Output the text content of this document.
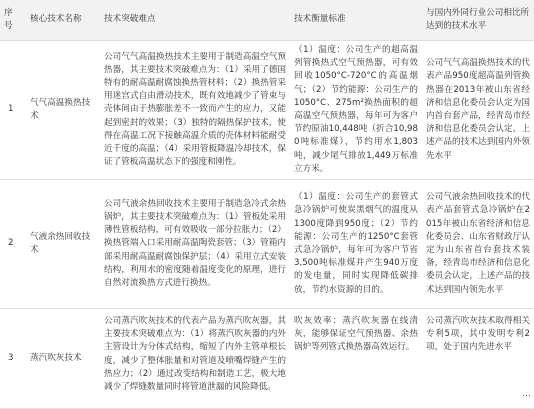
序 号	核心技术名称	技术突破难点	技术衡量标准	与国内外同行业公司相比所达到的技术水平
1	气气高温换热技术	公司气气高温换热技术主要用于制造高温空气预热器，其主要技术突破难点为：（1）采用了德国特有的耐高温耐腐蚀换热管材料；（2）换热管采用迷宫式自由滑动技术，既有效地减少了管束与壳体间由于热膨胀差不一致而产生的应力，又能起到密封的效果；（3）独特的隔热保护技术，使得在高温工况下接触高温介质的壳体材料能耐受近千度的高温；（4）采用管板降温冷却技术，保证了管板高温状态下的强度和刚性。	（1）温度：公司生产的超高温列管换热式空气预热器，可有效回收1050°C-720°C的高温烟气；（2）节约能源：公司生产的1050°C、275m²换热面积的超高温空气预热器，每年可为客户节约原油10,448吨（折合10,980吨标准煤），节约用水1,803吨，减少尾气排放1,449万标准立方米。	公司气气高温换热技术的代表产品950度超高温列管换热器在2013年被山东省经济和信息化委员会认定为国内首台套产品，经青岛市经济和信息化委员会认定，上述产品的技术达到国内外领先水平
2	气液余热回收技术	公司气液余热回收技术主要用于制造急冷式余热锅炉，其主要技术突破难点为：（1）管板处采用薄性管板结构，可有效吸收一部分拉胀力；（2）换热管端入口采用耐高温陶瓷套管；（3）管箱内部采用耐高温耐腐蚀保护层；（4）采用立式安装结构，利用水的密度随着温度变化的原理，进行自然对流换热方式进行换热。	（1）温度：公司生产的套管式急冷锅炉可使炭黑烟气的温度从1300度降到950度；（2）节约能源：公司生产的1250°C套管式急冷锅炉，每年可为客户节省3,500吨标准煤并产生940万度的发电量，同时实现降低碳排放，节约水资源的目的。	公司气液余热回收技术的代表产品套管式急冷锅炉在2015年被山东省经济和信息化委员会、山东省财政厅认定为山东省首台套技术装备，经青岛市经济和信息化委员会认定，上述产品的技术达到国内领先水平
3	蒸汽吹灰技术	公司蒸汽吹灰技术的代表产品为蒸汽吹灰器，其主要技术突破难点为：（1）将蒸汽吹灰器的内外主管设计为分体式结构，缩短了内外主管单根长度，减少了整体胀量和对管道及喷嘴焊缝产生的热应力；（2）通过改变结构和制造工艺，极大地减少了焊缝数量同时将管道泄漏的风险降低。	吹灰效率：蒸汽吹灰器在线清灰，能够保证空气预热器、余热锅炉等列管式换热器高效运行。	公司蒸汽吹灰技术取得相关专利5项，其中发明专利2项，处于国内先进水平
…
